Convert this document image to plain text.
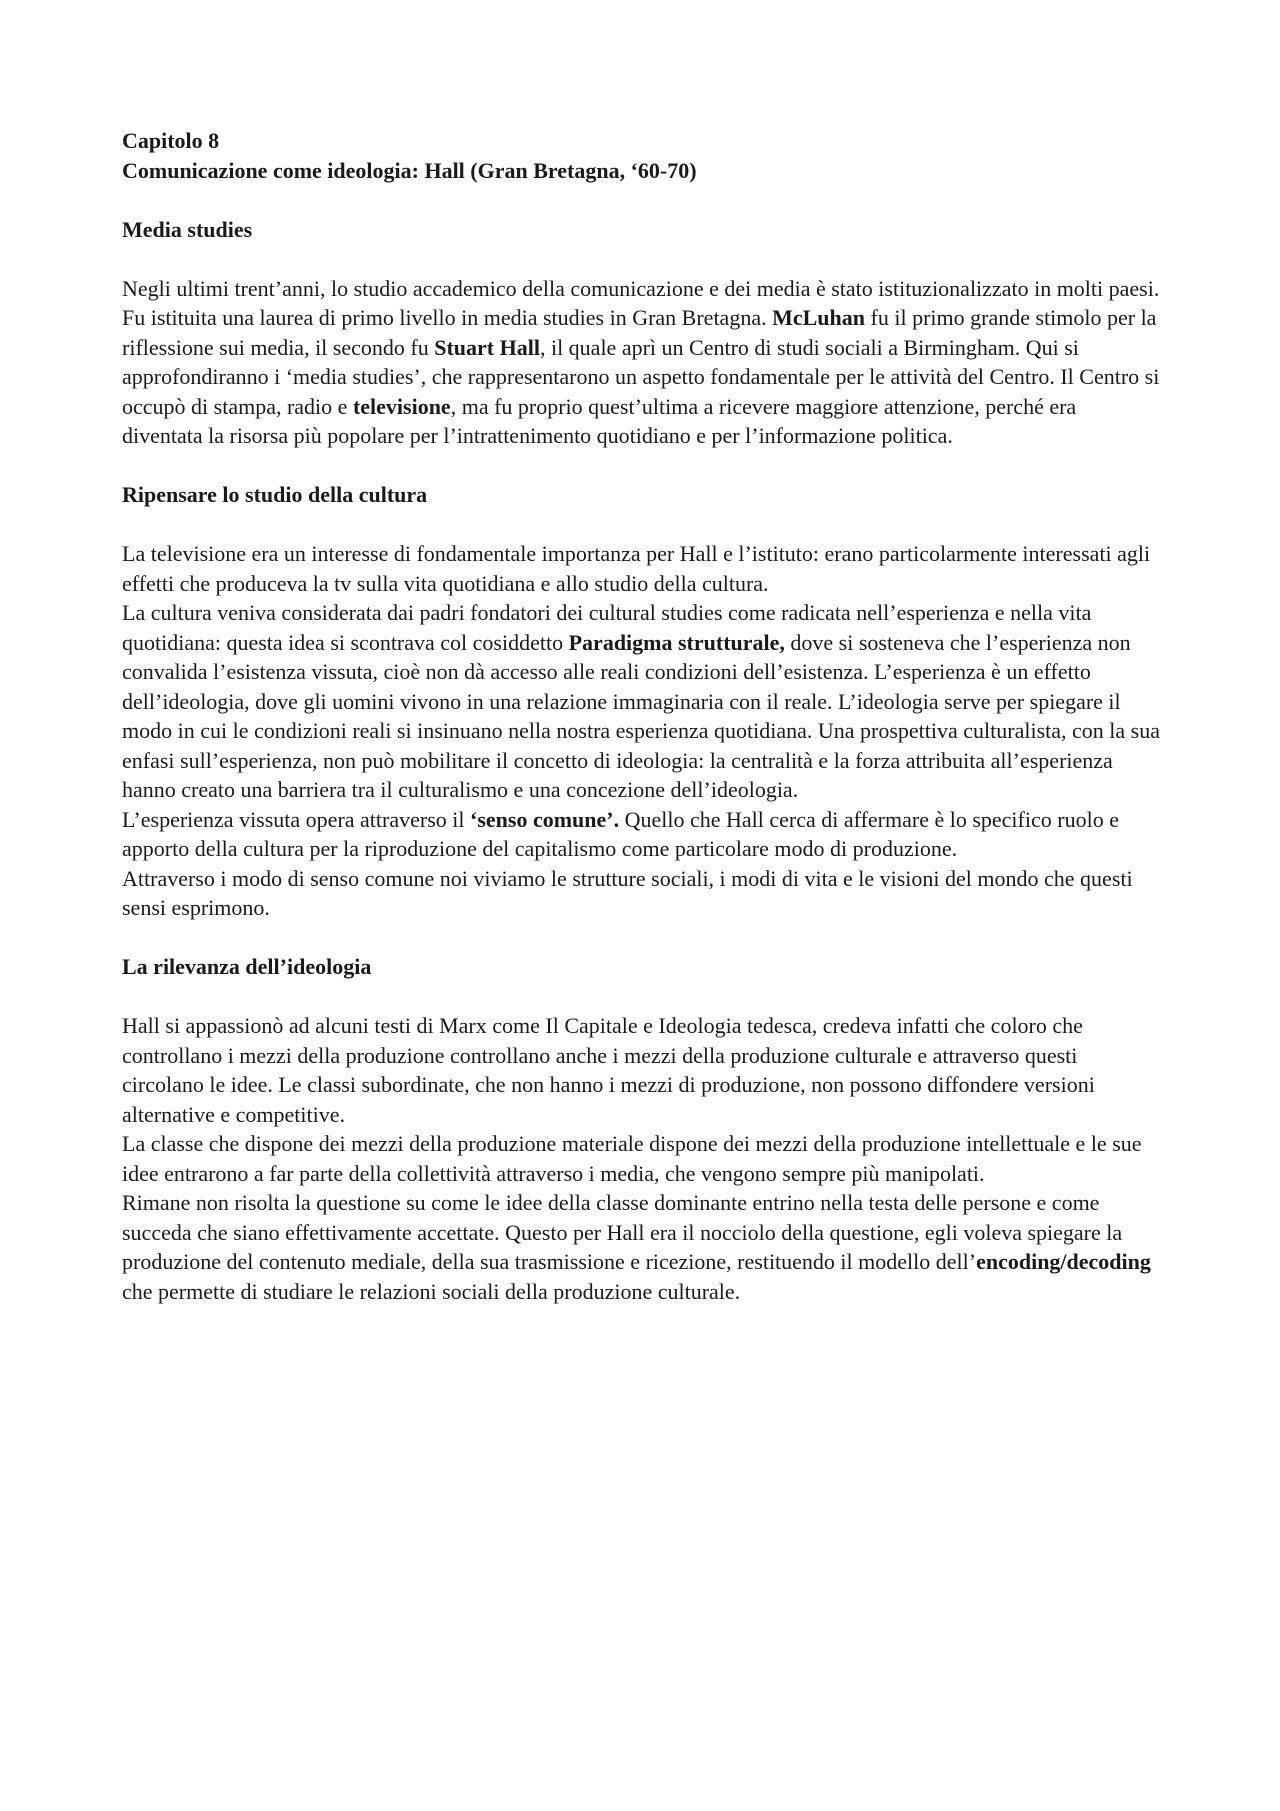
Capitolo 8

Comunicazione come ideologia: Hall (Gran Bretagna, ‘60-70)

Media studies

Negli ultimi trent’anni, lo studio accademico della comunicazione e dei media è stato istituzionalizzato in molti paesi. Fu istituita una laurea di primo livello in media studies in Gran Bretagna. McLuhan fu il primo grande stimolo per la riflessione sui media, il secondo fu Stuart Hall, il quale aprì un Centro di studi sociali a Birmingham. Qui si approfondiranno i ‘media studies’, che rappresentarono un aspetto fondamentale per le attività del Centro. Il Centro si occupò di stampa, radio e televisione, ma fu proprio quest’ultima a ricevere maggiore attenzione, perché era diventata la risorsa più popolare per l’intrattenimento quotidiano e per l’informazione politica.

Ripensare lo studio della cultura

La televisione era un interesse di fondamentale importanza per Hall e l’istituto: erano particolarmente interessati agli effetti che produceva la tv sulla vita quotidiana e allo studio della cultura.

La cultura veniva considerata dai padri fondatori dei cultural studies come radicata nell’esperienza e nella vita quotidiana: questa idea si scontrava col cosiddetto Paradigma strutturale, dove si sosteneva che l’esperienza non convalida l’esistenza vissuta, cioè non dà accesso alle reali condizioni dell’esistenza. L’esperienza è un effetto dell’ideologia, dove gli uomini vivono in una relazione immaginaria con il reale. L’ideologia serve per spiegare il modo in cui le condizioni reali si insinuano nella nostra esperienza quotidiana. Una prospettiva culturalista, con la sua enfasi sull’esperienza, non può mobilitare il concetto di ideologia: la centralità e la forza attribuita all’esperienza hanno creato una barriera tra il culturalismo e una concezione dell’ideologia.

L’esperienza vissuta opera attraverso il ‘senso comune’. Quello che Hall cerca di affermare è lo specifico ruolo e apporto della cultura per la riproduzione del capitalismo come particolare modo di produzione.

Attraverso i modo di senso comune noi viviamo le strutture sociali, i modi di vita e le visioni del mondo che questi sensi esprimono.

La rilevanza dell’ideologia

Hall si appassionò ad alcuni testi di Marx come Il Capitale e Ideologia tedesca, credeva infatti che coloro che controllano i mezzi della produzione controllano anche i mezzi della produzione culturale e attraverso questi circolano le idee. Le classi subordinate, che non hanno i mezzi di produzione, non possono diffondere versioni alternative e competitive.

La classe che dispone dei mezzi della produzione materiale dispone dei mezzi della produzione intellettuale e le sue idee entrarono a far parte della collettività attraverso i media, che vengono sempre più manipolati.

Rimane non risolta la questione su come le idee della classe dominante entrino nella testa delle persone e come succeda che siano effettivamente accettate. Questo per Hall era il nocciolo della questione, egli voleva spiegare la produzione del contenuto mediale, della sua trasmissione e ricezione, restituendo il modello dell’encoding/decoding che permette di studiare le relazioni sociali della produzione culturale.
